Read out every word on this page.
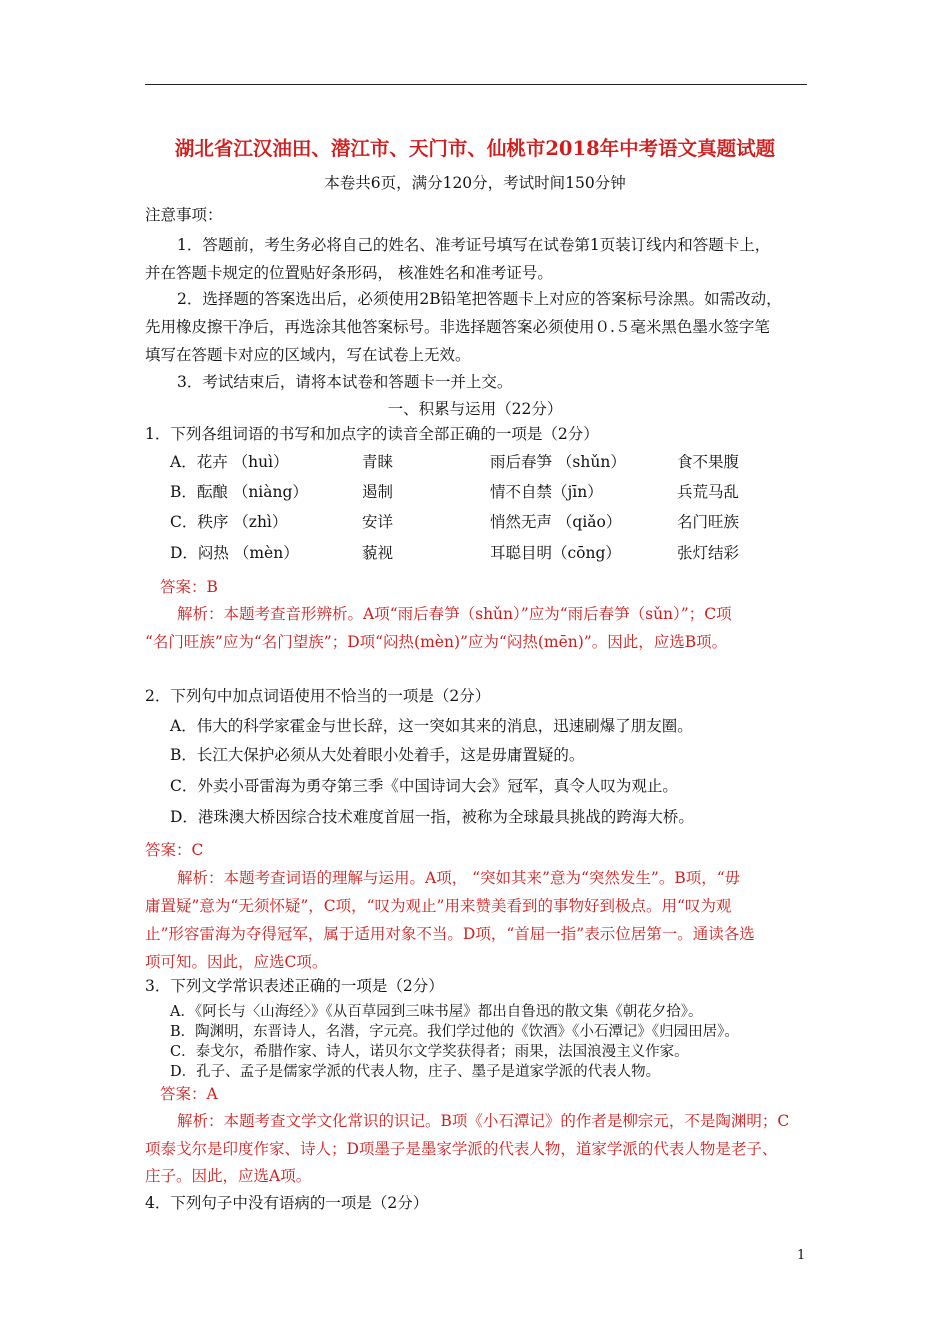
湖北省江汉油田、潜江市、天门市、仙桃市2018年中考语文真题试题
本卷共6页，满分120分，考试时间150分钟
注意事项：
1．答题前，考生务必将自己的姓名、准考证号填写在试卷第1页装订线内和答题卡上，
并在答题卡规定的位置贴好条形码， 核准姓名和准考证号。
2．选择题的答案选出后，必须使用2B铅笔把答题卡上对应的答案标号涂黑。如需改动，
先用橡皮擦干净后，再选涂其他答案标号。非选择题答案必须使用０.５毫米黑色墨水签字笔
填写在答题卡对应的区域内，写在试卷上无效。
3．考试结束后，请将本试卷和答题卡一并上交。
一、积累与运用（22分）
1．下列各组词语的书写和加点字的读音全部正确的一项是（2分）
A．花卉 （huì）	青睐	雨后春笋 （shǔn）	食不果腹
B．酝酿 （niàng）	遏制	情不自禁（jīn）	兵荒马乱
C．秩序 （zhì）	安详	悄然无声 （qiǎo）	名门旺族
D．闷热 （mèn）	藐视	耳聪目明（cōng）	张灯结彩
答案：B
解析：本题考查音形辨析。A项“雨后春笋（shǔn）”应为“雨后春笋（sǔn）”；C项
“名门旺族”应为“名门望族”；D项“闷热(mèn)”应为“闷热(mēn)”。因此，应选B项。
2．下列句中加点词语使用不恰当的一项是（2分）
A．伟大的科学家霍金与世长辞，这一突如其来的消息，迅速刷爆了朋友圈。
B．长江大保护必须从大处着眼小处着手，这是毋庸置疑的。
C．外卖小哥雷海为勇夺第三季《中国诗词大会》冠军，真令人叹为观止。
D．港珠澳大桥因综合技术难度首屈一指，被称为全球最具挑战的跨海大桥。
答案：C
解析：本题考查词语的理解与运用。A项， “突如其来”意为“突然发生”。B项，“毋
庸置疑”意为“无须怀疑”，C项，“叹为观止”用来赞美看到的事物好到极点。用“叹为观
止”形容雷海为夺得冠军，属于适用对象不当。D项，“首屈一指”表示位居第一。通读各选
项可知。因此，应选C项。
3．下列文学常识表述正确的一项是（2分）
A．《阿长与〈山海经〉》《从百草园到三味书屋》都出自鲁迅的散文集《朝花夕拾》。
B．陶渊明，东晋诗人，名潜，字元亮。我们学过他的《饮酒》《小石潭记》《归园田居》。
C．泰戈尔，希腊作家、诗人，诺贝尔文学奖获得者；雨果，法国浪漫主义作家。
D．孔子、孟子是儒家学派的代表人物，庄子、墨子是道家学派的代表人物。
答案：A
解析：本题考查文学文化常识的识记。B项《小石潭记》的作者是柳宗元，不是陶渊明；C
项泰戈尔是印度作家、诗人；D项墨子是墨家学派的代表人物，道家学派的代表人物是老子、
庄子。因此，应选A项。
4．下列句子中没有语病的一项是（2分）
1
